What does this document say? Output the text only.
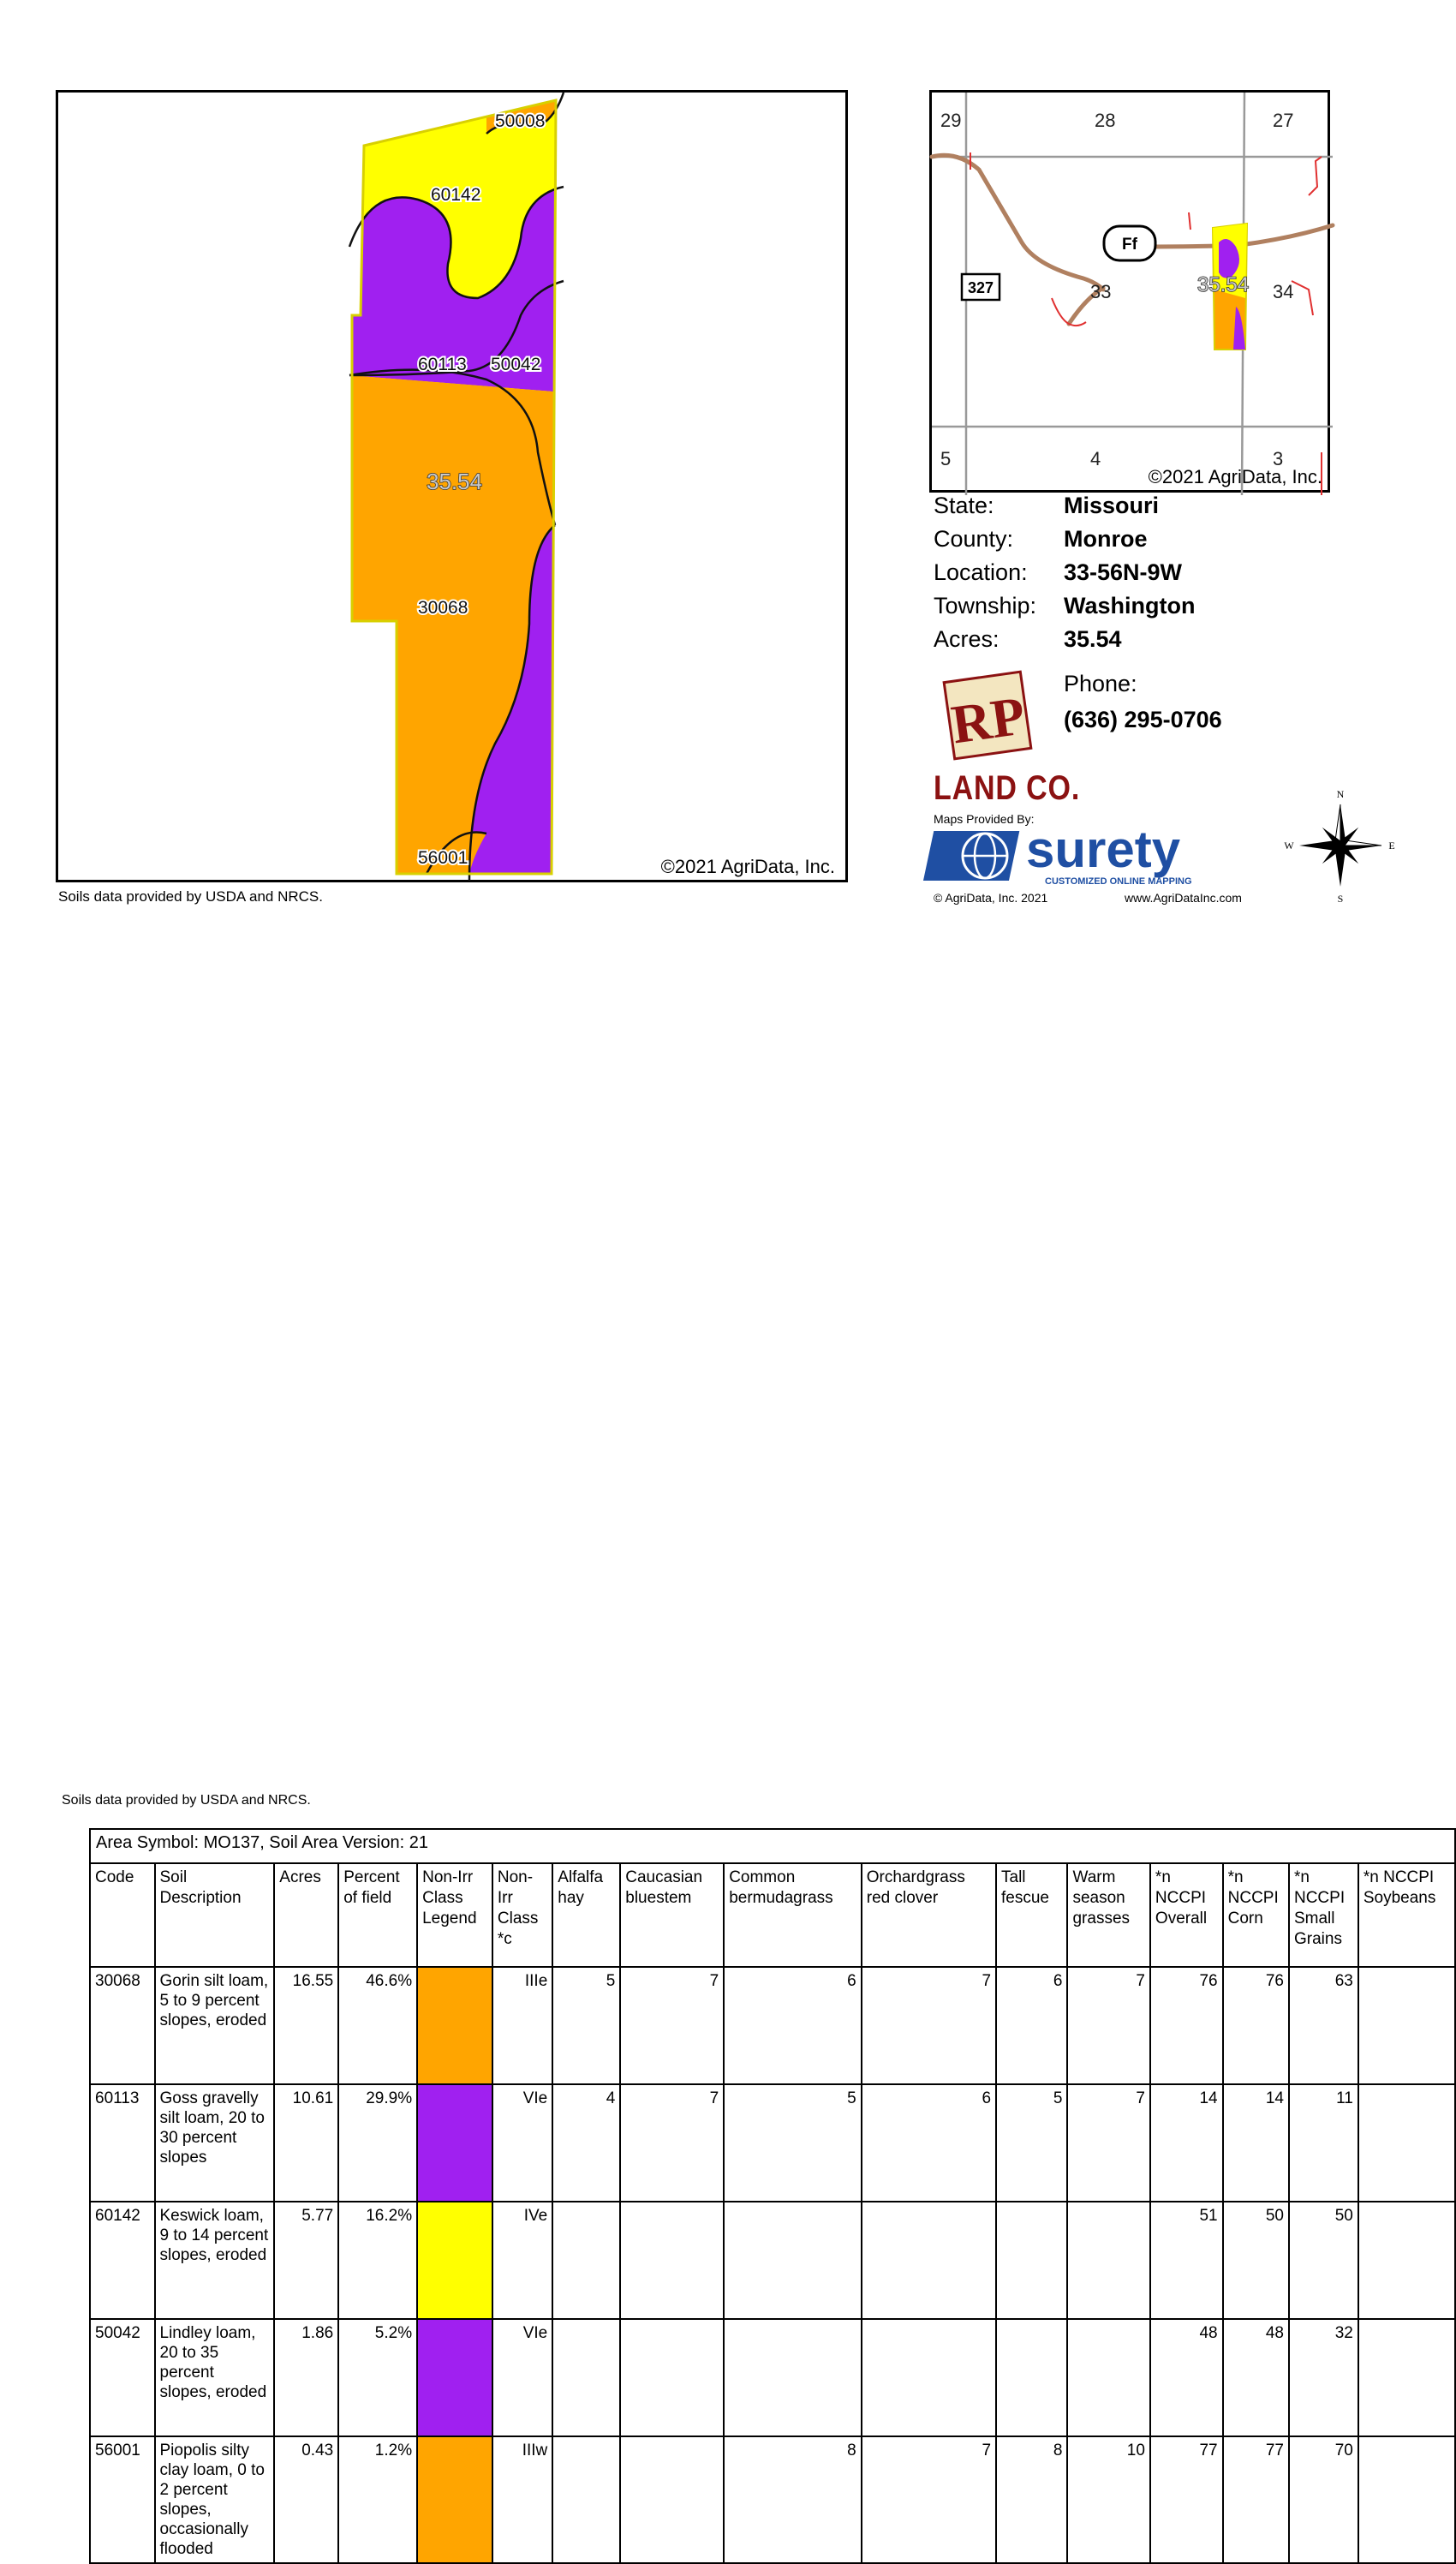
50008
60142
60113 50042
35.54
30068
56001	©2021 AgriData, Inc.
Soils data provided by USDA and NRCS.
327
Ff
29	28	27
33	34
5	4	3
35.54
©2021 AgriData, Inc.
State:	Missouri
County: Monroe
Location: 33-56N-9W
Township: Washington
Acres:	35.54
RP
LAND CO.
Phone:
(636) 295-0706
Maps Provided By:
surety
CUSTOMIZED ONLINE MAPPING
© AgriData, Inc. 2021	www.AgriDataInc.com
N
E
S
W
Area Symbol: MO137, Soil Area Version: 21															
Code	Soil Description	Acres	Percent of field	Non-Irr Class Legend	Non-Irr Class *c	Alfalfa hay	Caucasian bluestem	Common bermudagrass	Orchardgrass red clover	Tall fescue	Warm season grasses	*n NCCPI Overall	*n NCCPI Corn	*n NCCPI Small Grains	*n NCCPI Soybeans
30068	Gorin silt loam, 5 to 9 percent slopes, eroded	16.55	46.6%		IIIe	5	7	6	7	6	7	76	76	63	
60113	Goss gravelly silt loam, 20 to 30 percent slopes	10.61	29.9%		VIe	4	7	5	6	5	7	14	14	11	
60142	Keswick loam, 9 to 14 percent slopes, eroded	5.77	16.2%		IVe							51	50	50	
50042	Lindley loam, 20 to 35 percent slopes, eroded	1.86	5.2%		VIe							48	48	32	
56001	Piopolis silty clay loam, 0 to 2 percent slopes, occasionally flooded	0.43	1.2%		IIIw			8	7	8	10	77	77	70	
Soils data provided by USDA and NRCS.
